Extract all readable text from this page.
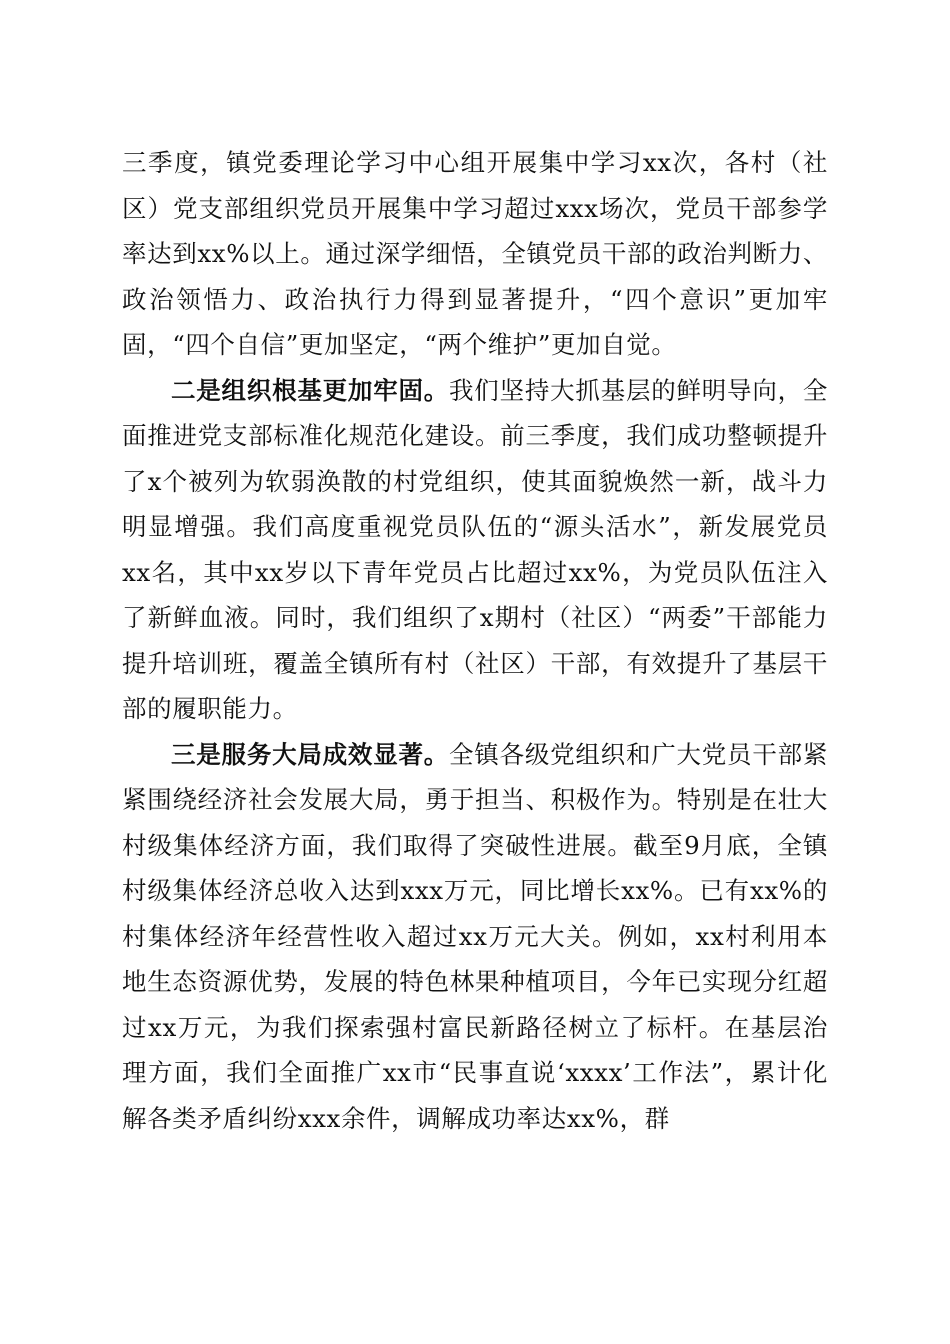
三季度，镇党委理论学习中心组开展集中学习xx次，各村（社区）党支部组织党员开展集中学习超过xxx场次，党员干部参学率达到xx%以上。通过深学细悟，全镇党员干部的政治判断力、政治领悟力、政治执行力得到显著提升，“四个意识”更加牢固，“四个自信”更加坚定，“两个维护”更加自觉。

二是组织根基更加牢固。我们坚持大抓基层的鲜明导向，全面推进党支部标准化规范化建设。前三季度，我们成功整顿提升了x个被列为软弱涣散的村党组织，使其面貌焕然一新，战斗力明显增强。我们高度重视党员队伍的“源头活水”，新发展党员xx名，其中xx岁以下青年党员占比超过xx%，为党员队伍注入了新鲜血液。同时，我们组织了x期村（社区）“两委”干部能力提升培训班，覆盖全镇所有村（社区）干部，有效提升了基层干部的履职能力。

三是服务大局成效显著。全镇各级党组织和广大党员干部紧紧围绕经济社会发展大局，勇于担当、积极作为。特别是在壮大村级集体经济方面，我们取得了突破性进展。截至9月底，全镇村级集体经济总收入达到xxx万元，同比增长xx%。已有xx%的村集体经济年经营性收入超过xx万元大关。例如，xx村利用本地生态资源优势，发展的特色林果种植项目，今年已实现分红超过xx万元，为我们探索强村富民新路径树立了标杆。在基层治理方面，我们全面推广xx市“民事直说‘xxxx’工作法”，累计化解各类矛盾纠纷xxx余件，调解成功率达xx%，群
